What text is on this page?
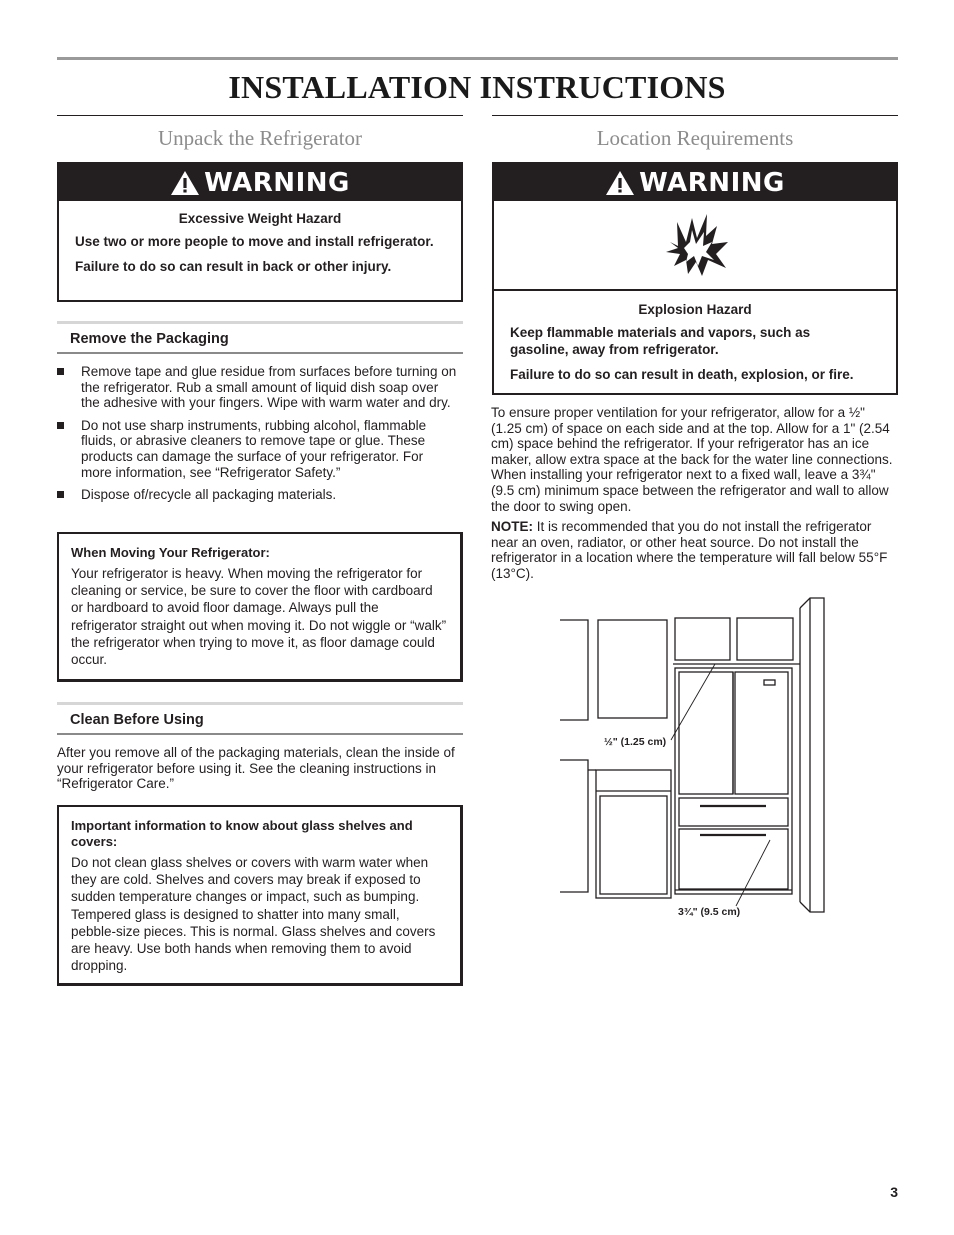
INSTALLATION INSTRUCTIONS
Unpack the Refrigerator
WARNING
Excessive Weight Hazard
Use two or more people to move and install refrigerator.
Failure to do so can result in back or other injury.
Remove the Packaging
Remove tape and glue residue from surfaces before turning on the refrigerator. Rub a small amount of liquid dish soap over the adhesive with your fingers. Wipe with warm water and dry.
Do not use sharp instruments, rubbing alcohol, flammable fluids, or abrasive cleaners to remove tape or glue. These products can damage the surface of your refrigerator. For more information, see “Refrigerator Safety.”
Dispose of/recycle all packaging materials.
When Moving Your Refrigerator:
Your refrigerator is heavy. When moving the refrigerator for cleaning or service, be sure to cover the floor with cardboard or hardboard to avoid floor damage. Always pull the refrigerator straight out when moving it. Do not wiggle or “walk” the refrigerator when trying to move it, as floor damage could occur.
Clean Before Using
After you remove all of the packaging materials, clean the inside of your refrigerator before using it. See the cleaning instructions in “Refrigerator Care.”
Important information to know about glass shelves and covers:
Do not clean glass shelves or covers with warm water when they are cold. Shelves and covers may break if exposed to sudden temperature changes or impact, such as bumping. Tempered glass is designed to shatter into many small, pebble-size pieces. This is normal. Glass shelves and covers are heavy. Use both hands when removing them to avoid dropping.
Location Requirements
WARNING
Explosion Hazard
Keep flammable materials and vapors, such as gasoline, away from refrigerator.
Failure to do so can result in death, explosion, or fire.
To ensure proper ventilation for your refrigerator, allow for a ½" (1.25 cm) of space on each side and at the top. Allow for a 1" (2.54 cm) space behind the refrigerator. If your refrigerator has an ice maker, allow extra space at the back for the water line connections. When installing your refrigerator next to a fixed wall, leave a 3¾" (9.5 cm) minimum space between the refrigerator and wall to allow the door to swing open.
NOTE: It is recommended that you do not install the refrigerator near an oven, radiator, or other heat source. Do not install the refrigerator in a location where the temperature will fall below 55°F (13°C).
½" (1.25 cm)
3¾" (9.5 cm)
3
